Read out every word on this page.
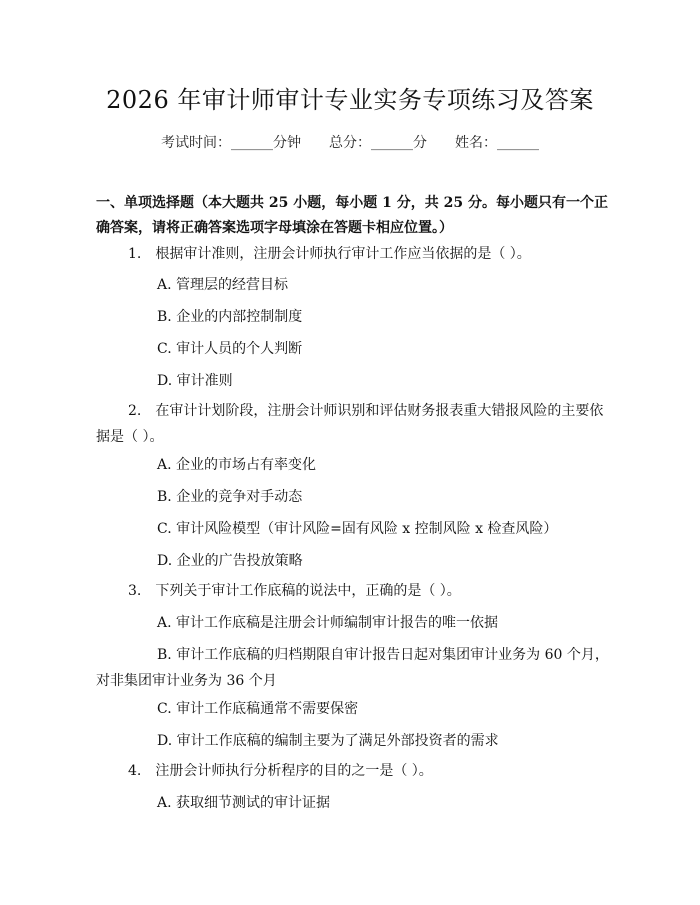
2026 年审计师审计专业实务专项练习及答案
考试时间：______分钟 总分：______分 姓名：______
一、单项选择题（本大题共 25 小题，每小题 1 分，共 25 分。每小题只有一个正确答案，请将正确答案选项字母填涂在答题卡相应位置。）
1.　根据审计准则，注册会计师执行审计工作应当依据的是（ ）。
A. 管理层的经营目标
B. 企业的内部控制制度
C. 审计人员的个人判断
D. 审计准则
2.　在审计计划阶段，注册会计师识别和评估财务报表重大错报风险的主要依据是（ ）。
A. 企业的市场占有率变化
B. 企业的竞争对手动态
C. 审计风险模型（审计风险=固有风险 x 控制风险 x 检查风险）
D. 企业的广告投放策略
3.　下列关于审计工作底稿的说法中，正确的是（ ）。
A. 审计工作底稿是注册会计师编制审计报告的唯一依据
B. 审计工作底稿的归档期限自审计报告日起对集团审计业务为 60 个月，对非集团审计业务为 36 个月
C. 审计工作底稿通常不需要保密
D. 审计工作底稿的编制主要为了满足外部投资者的需求
4.　注册会计师执行分析程序的目的之一是（ ）。
A. 获取细节测试的审计证据
